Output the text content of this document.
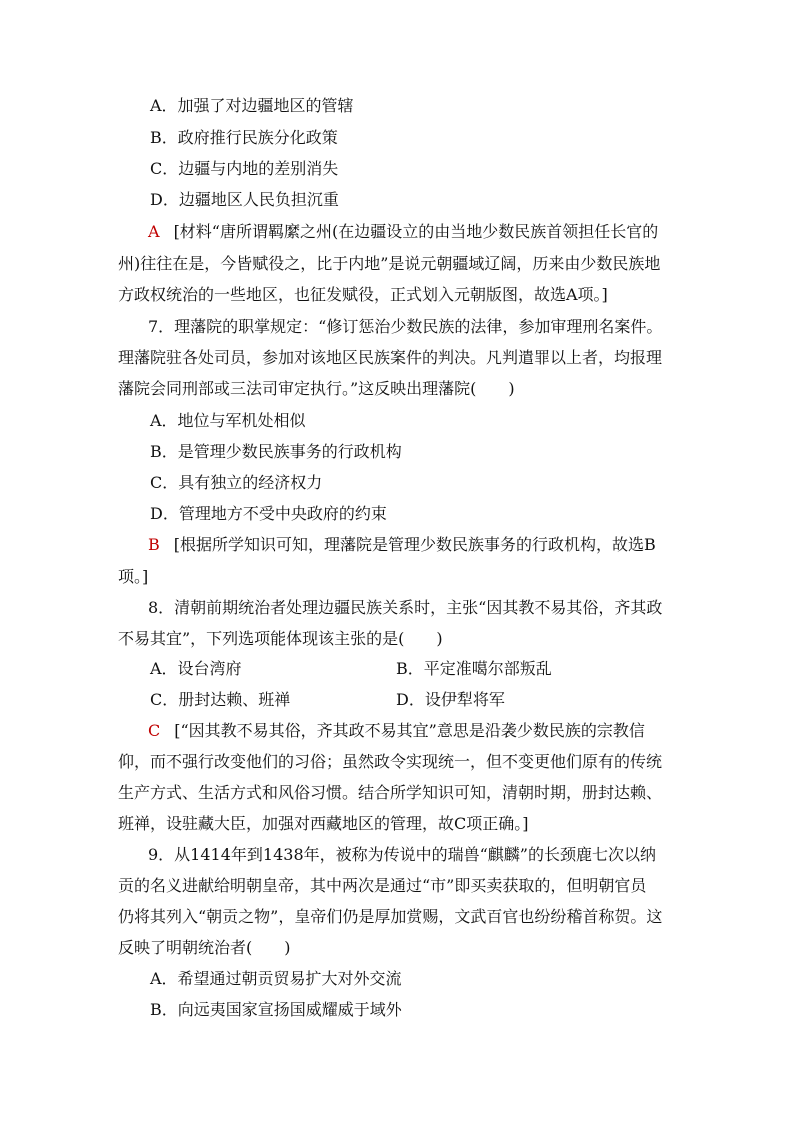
A．加强了对边疆地区的管辖
B．政府推行民族分化政策
C．边疆与内地的差别消失
D．边疆地区人民负担沉重
A [材料“唐所谓羁縻之州(在边疆设立的由当地少数民族首领担任长官的
州)往往在是，今皆赋役之，比于内地”是说元朝疆域辽阔，历来由少数民族地
方政权统治的一些地区，也征发赋役，正式划入元朝版图，故选A项。]
7．理藩院的职掌规定：“修订惩治少数民族的法律，参加审理刑名案件。
理藩院驻各处司员，参加对该地区民族案件的判决。凡判遣罪以上者，均报理
藩院会同刑部或三法司审定执行。”这反映出理藩院(　　)
A．地位与军机处相似
B．是管理少数民族事务的行政机构
C．具有独立的经济权力
D．管理地方不受中央政府的约束
B [根据所学知识可知，理藩院是管理少数民族事务的行政机构，故选B
项。]
8．清朝前期统治者处理边疆民族关系时，主张“因其教不易其俗，齐其政
不易其宜”，下列选项能体现该主张的是(　　)
A．设台湾府	B．平定准噶尔部叛乱
C．册封达赖、班禅	D．设伊犁将军
C [“因其教不易其俗，齐其政不易其宜”意思是沿袭少数民族的宗教信
仰，而不强行改变他们的习俗；虽然政令实现统一，但不变更他们原有的传统
生产方式、生活方式和风俗习惯。结合所学知识可知，清朝时期，册封达赖、
班禅，设驻藏大臣，加强对西藏地区的管理，故C项正确。]
9．从1414年到1438年，被称为传说中的瑞兽“麒麟”的长颈鹿七次以纳
贡的名义进献给明朝皇帝，其中两次是通过“市”即买卖获取的，但明朝官员
仍将其列入“朝贡之物”，皇帝们仍是厚加赏赐，文武百官也纷纷稽首称贺。这
反映了明朝统治者(　　)
A．希望通过朝贡贸易扩大对外交流
B．向远夷国家宣扬国威耀威于域外
